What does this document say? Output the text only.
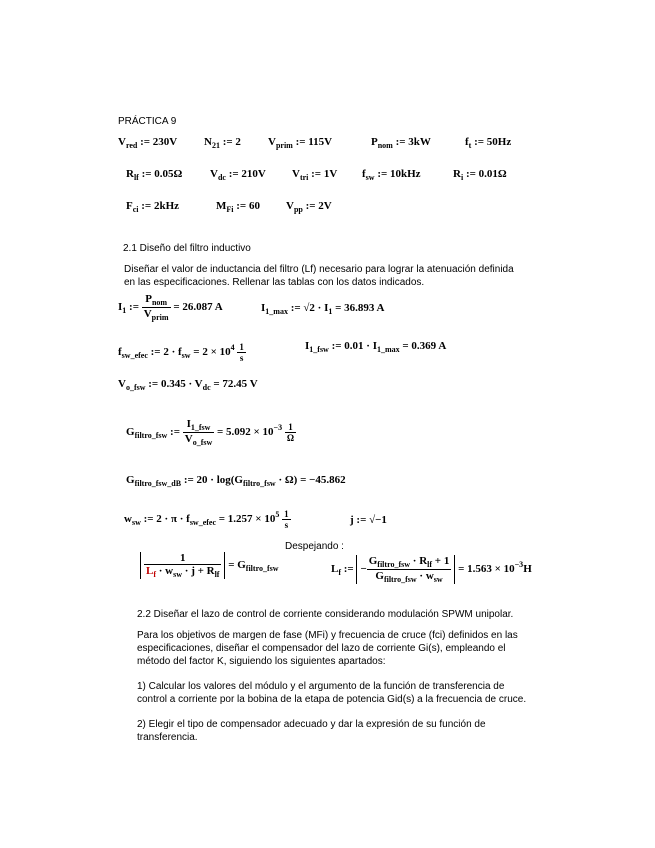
PRÁCTICA 9
$V_{red}$ := 230V $N_{21}$ := 2 $V_{prim}$ := 115V	$P_{nom}$ := 3kW	$f_t$ := 50Hz
$R_{lf}$ := 0.05Ω	$V_{dc}$ := 210V $V_{tri}$ := 1V $f_{sw}$ := 10kHz	$R_i$ := 0.01Ω
$F_{ci}$ := 2kHz	$M_{Fi}$ := 60 $V_{pp}$ := 2V
2.1 Diseño del filtro inductivo
Diseñar el valor de inductancia del filtro (Lf) necesario para lograr la atenuación definida
en las especificaciones. Rellenar las tablas con los datos indicados.
$I_1$ := $\frac{P_{nom}}{V_{prim}} = 26.087$ A	$I_{1\_max}$ := $√2 \cdot I_1 = 36.893$ A
$f_{sw\_efec}$ := $2 \cdot f_{sw} = 2 \times 10^4 \frac{1}{s}$	$I_{1\_fsw}$ := $0.01 \cdot I_{1\_max} = 0.369$ A
$V_{o\_fsw}$ := $0.345 \cdot V_{dc} = 72.45$ V
$G_{filtro\_fsw}$ := $\frac{I_{1\_fsw}}{V_{o\_fsw}} = 5.092 \times 10^{-3} \frac{1}{\Omega}$
$G_{filtro\_fsw\_dB}$ := $20 \cdot \log(G_{filtro\_fsw} \cdot \Omega) = -45.862$
$w_{sw}$ := $2 \cdot \pi \cdot f_{sw\_efec} = 1.257 \times 10^5 \frac{1}{s}$	j := √−1
Despejando :
$\frac{1}{L_f \cdot w_{sw} \cdot j + R_{lf}} = G_{filtro\_fsw}$	$L_f$ := − $\frac{G_{filtro\_fsw} \cdot R_{lf} + 1}{G_{filtro\_fsw} \cdot w_{sw}} = 1.563 \times 10^{-3}H$
2.2 Diseñar el lazo de control de corriente considerando modulación SPWM unipolar.
Para los objetivos de margen de fase (MFi) y frecuencia de cruce (fci) definidos en las
especificaciones, diseñar el compensador del lazo de corriente Gi(s), empleando el
método del factor K, siguiendo los siguientes apartados:
1) Calcular los valores del módulo y el argumento de la función de transferencia de
control a corriente por la bobina de la etapa de potencia Gid(s) a la frecuencia de cruce.
2) Elegir el tipo de compensador adecuado y dar la expresión de su función de
transferencia.
